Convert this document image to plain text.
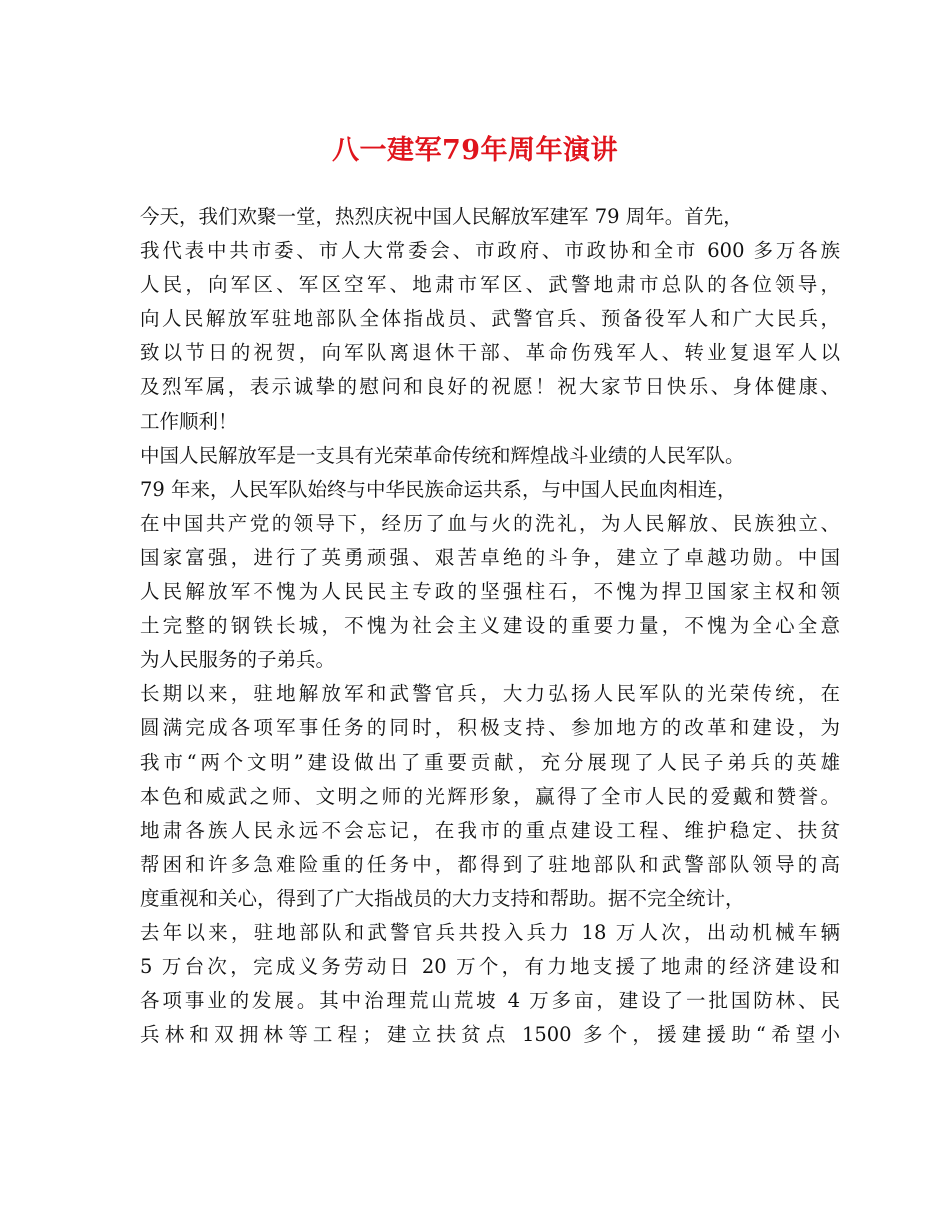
八一建军79年周年演讲
今天，我们欢聚一堂，热烈庆祝中国人民解放军建军 79 周年。首先，
我代表中共市委、市人大常委会、市政府、市政协和全市 600 多万各族
人民，向军区、军区空军、地肃市军区、武警地肃市总队的各位领导，
向人民解放军驻地部队全体指战员、武警官兵、预备役军人和广大民兵，
致以节日的祝贺，向军队离退休干部、革命伤残军人、转业复退军人以
及烈军属，表示诚挚的慰问和良好的祝愿！祝大家节日快乐、身体健康、
工作顺利！
中国人民解放军是一支具有光荣革命传统和辉煌战斗业绩的人民军队。
79 年来，人民军队始终与中华民族命运共系，与中国人民血肉相连，
在中国共产党的领导下，经历了血与火的洗礼，为人民解放、民族独立、
国家富强，进行了英勇顽强、艰苦卓绝的斗争，建立了卓越功勋。中国
人民解放军不愧为人民民主专政的坚强柱石，不愧为捍卫国家主权和领
土完整的钢铁长城，不愧为社会主义建设的重要力量，不愧为全心全意
为人民服务的子弟兵。
长期以来，驻地解放军和武警官兵，大力弘扬人民军队的光荣传统，在
圆满完成各项军事任务的同时，积极支持、参加地方的改革和建设，为
我市“两个文明”建设做出了重要贡献，充分展现了人民子弟兵的英雄
本色和威武之师、文明之师的光辉形象，赢得了全市人民的爱戴和赞誉。
地肃各族人民永远不会忘记，在我市的重点建设工程、维护稳定、扶贫
帮困和许多急难险重的任务中，都得到了驻地部队和武警部队领导的高
度重视和关心，得到了广大指战员的大力支持和帮助。据不完全统计，
去年以来，驻地部队和武警官兵共投入兵力 18 万人次，出动机械车辆
5 万台次，完成义务劳动日 20 万个，有力地支援了地肃的经济建设和
各项事业的发展。其中治理荒山荒坡 4 万多亩，建设了一批国防林、民
兵林和双拥林等工程；建立扶贫点 1500 多个，援建援助“希望小
